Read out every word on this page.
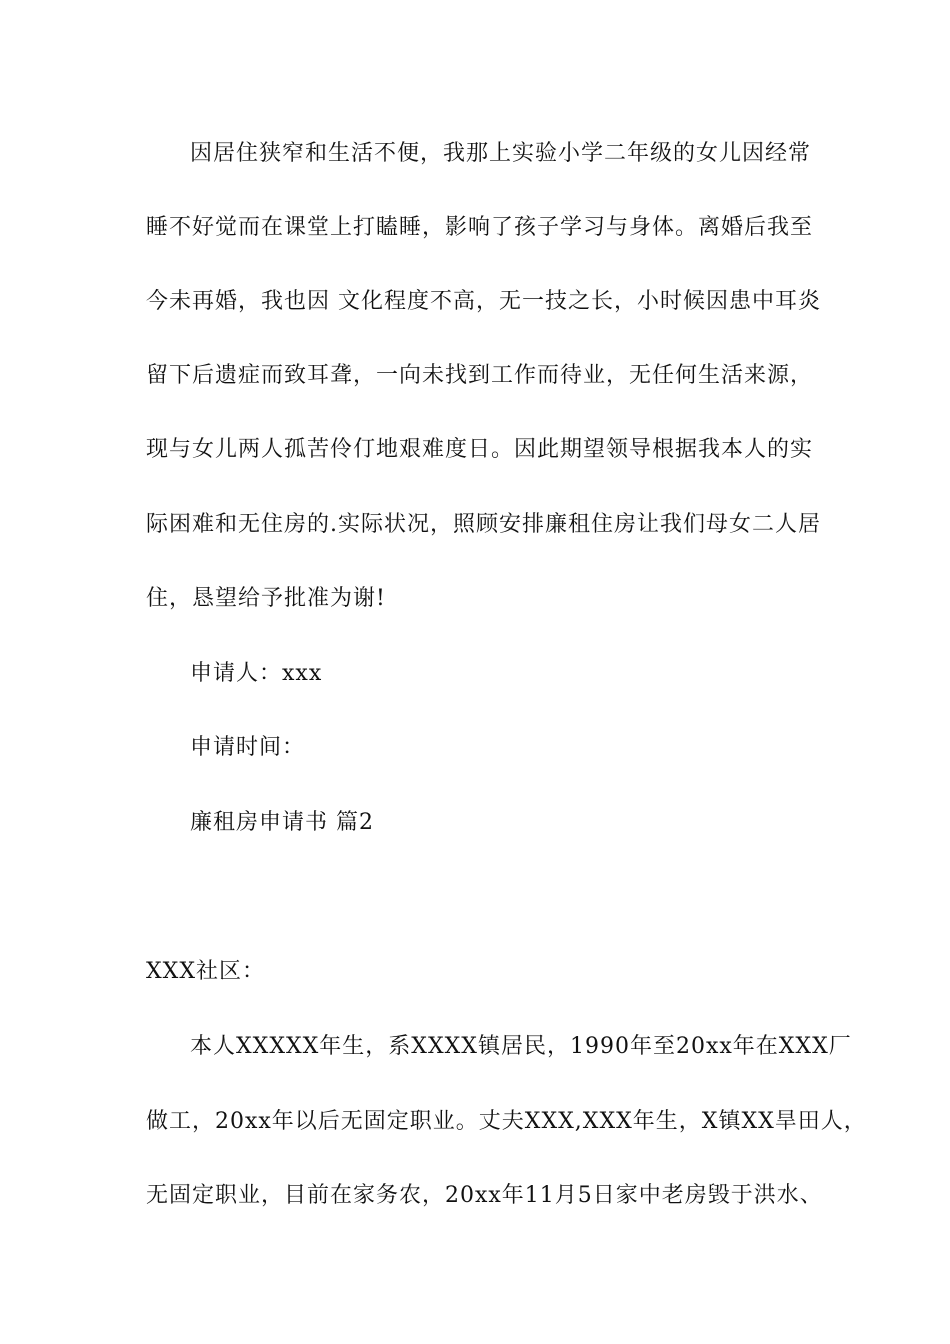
因居住狭窄和生活不便，我那上实验小学二年级的女儿因经常
睡不好觉而在课堂上打瞌睡，影响了孩子学习与身体。离婚后我至
今未再婚，我也因 文化程度不高，无一技之长，小时候因患中耳炎
留下后遗症而致耳聋，一向未找到工作而待业，无任何生活来源，
现与女儿两人孤苦伶仃地艰难度日。因此期望领导根据我本人的实
际困难和无住房的.实际状况，照顾安排廉租住房让我们母女二人居
住，恳望给予批准为谢!
申请人：xxx
申请时间：
廉租房申请书 篇2
XXX社区：
本人XXXXX年生，系XXXX镇居民，1990年至20xx年在XXX厂
做工，20xx年以后无固定职业。丈夫XXX,XXX年生，X镇XX旱田人，
无固定职业，目前在家务农，20xx年11月5日家中老房毁于洪水、
